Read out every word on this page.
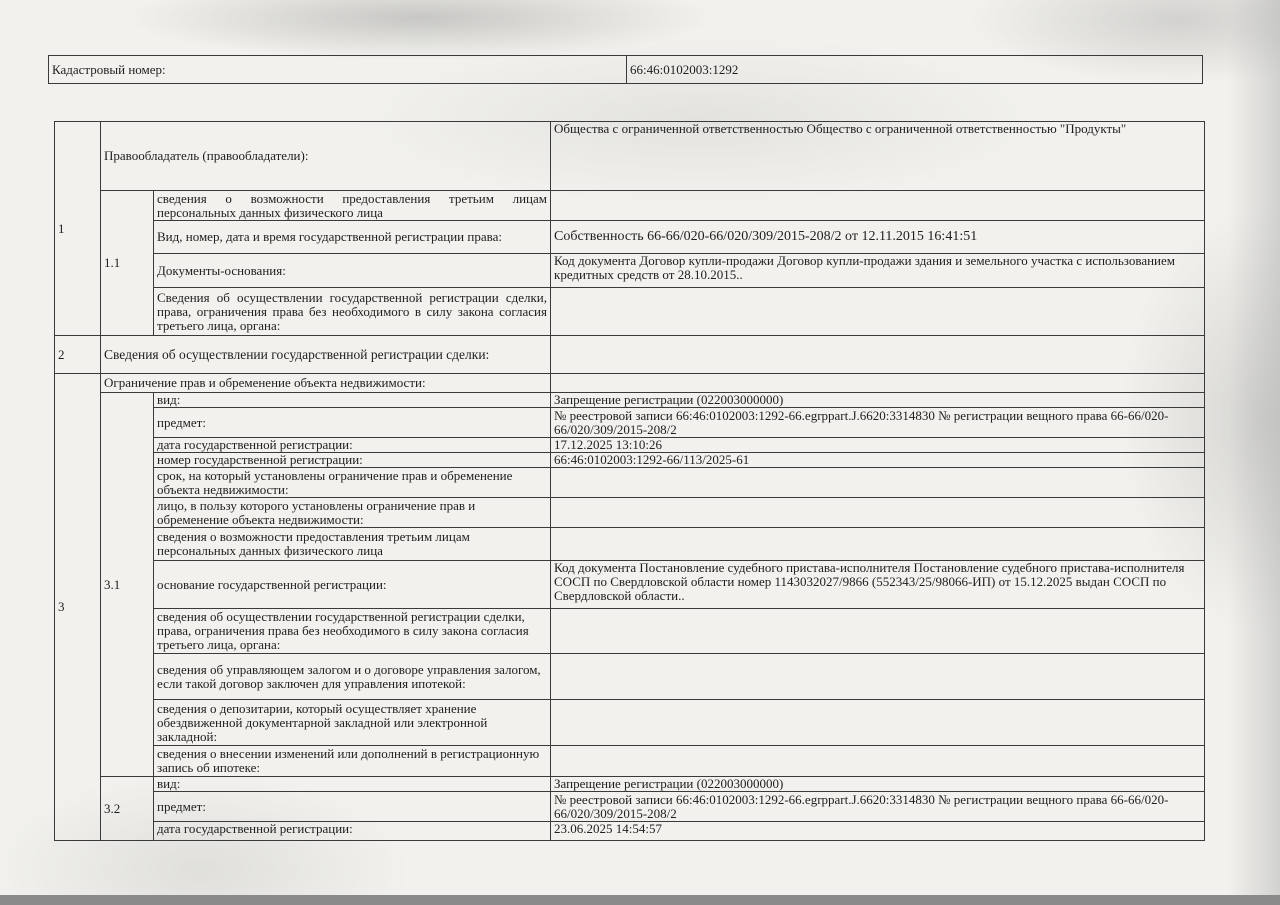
Кадастровый номер:	66:46:0102003:1292
1	Правообладатель (правообладатели):		Общества с ограниченной ответственностью Общество с ограниченной ответственностью "Продукты"
	1.1	сведения о возможности предоставления третьим лицам персональных данных физического лица	
		Вид, номер, дата и время государственной регистрации права:	Собственность 66-66/020-66/020/309/2015-208/2 от 12.11.2015 16:41:51
		Документы-основания:	Код документа Договор купли-продажи Договор купли-продажи здания и земельного участка с использованием кредитных средств от 28.10.2015..
		Сведения об осуществлении государственной регистрации сделки, права, ограничения права без необходимого в силу закона согласия третьего лица, органа:	
2	Сведения об осуществлении государственной регистрации сделки:		
3	Ограничение прав и обременение объекта недвижимости:		
	3.1	вид:	Запрещение регистрации (022003000000)
		предмет:	№ реестровой записи 66:46:0102003:1292-66.egrppart.J.6620:3314830 № регистрации вещного права 66-66/020-66/020/309/2015-208/2
		дата государственной регистрации:	17.12.2025 13:10:26
		номер государственной регистрации:	66:46:0102003:1292-66/113/2025-61
		срок, на который установлены ограничение прав и обременение объекта недвижимости:	
		лицо, в пользу которого установлены ограничение прав и обременение объекта недвижимости:	
		сведения о возможности предоставления третьим лицам персональных данных физического лица	
		основание государственной регистрации:	Код документа Постановление судебного пристава-исполнителя Постановление судебного пристава-исполнителя СОСП по Свердловской области номер 1143032027/9866 (552343/25/98066-ИП) от 15.12.2025 выдан СОСП по Свердловской области..
		сведения об осуществлении государственной регистрации сделки, права, ограничения права без необходимого в силу закона согласия третьего лица, органа:	
		сведения об управляющем залогом и о договоре управления залогом, если такой договор заключен для управления ипотекой:	
		сведения о депозитарии, который осуществляет хранение обездвиженной документарной закладной или электронной закладной:	
		сведения о внесении изменений или дополнений в регистрационную запись об ипотеке:	
	3.2	вид:	Запрещение регистрации (022003000000)
		предмет:	№ реестровой записи 66:46:0102003:1292-66.egrppart.J.6620:3314830 № регистрации вещного права 66-66/020-66/020/309/2015-208/2
		дата государственной регистрации:	23.06.2025 14:54:57
